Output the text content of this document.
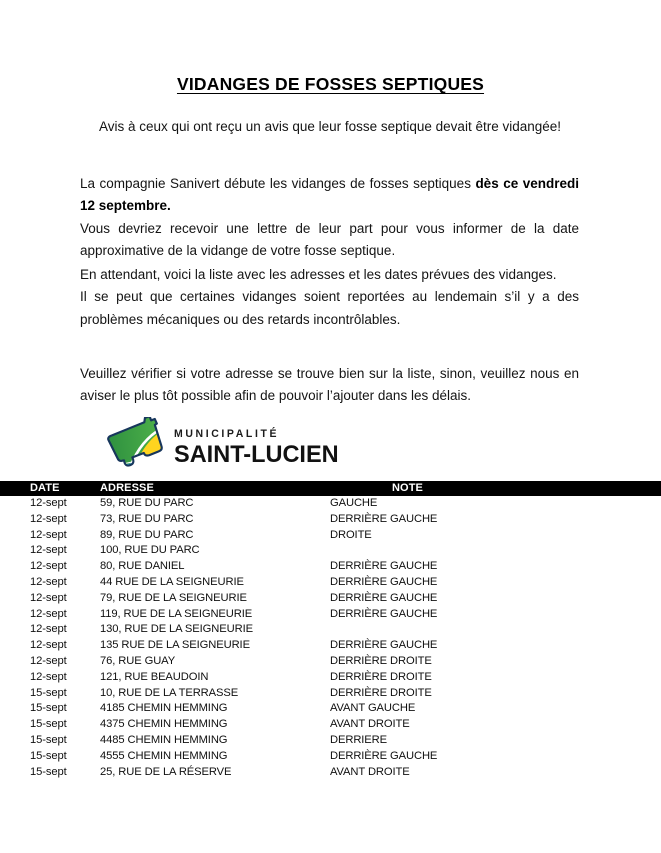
VIDANGES DE FOSSES SEPTIQUES
Avis à ceux qui ont reçu un avis que leur fosse septique devait être vidangée!
La compagnie Sanivert débute les vidanges de fosses septiques dès ce vendredi 12 septembre.
Vous devriez recevoir une lettre de leur part pour vous informer de la date approximative de la vidange de votre fosse septique.
En attendant, voici la liste avec les adresses et les dates prévues des vidanges.
Il se peut que certaines vidanges soient reportées au lendemain s’il y a des problèmes mécaniques ou des retards incontrôlables.
Veuillez vérifier si votre adresse se trouve bien sur la liste, sinon, veuillez nous en aviser le plus tôt possible afin de pouvoir l’ajouter dans les délais.
MUNICIPALITÉ
SAINT-LUCIEN
DATE	ADRESSE	NOTE
12-sept	59, RUE DU PARC	GAUCHE
12-sept	73, RUE DU PARC	DERRIÈRE GAUCHE
12-sept	89, RUE DU PARC	DROITE
12-sept	100, RUE DU PARC
12-sept	80, RUE DANIEL	DERRIÈRE GAUCHE
12-sept	44 RUE DE LA SEIGNEURIE	DERRIÈRE GAUCHE
12-sept	79, RUE DE LA SEIGNEURIE	DERRIÈRE GAUCHE
12-sept	119, RUE DE LA SEIGNEURIE	DERRIÈRE GAUCHE
12-sept	130, RUE DE LA SEIGNEURIE
12-sept	135 RUE DE LA SEIGNEURIE	DERRIÈRE GAUCHE
12-sept	76, RUE GUAY	DERRIÈRE DROITE
12-sept	121, RUE BEAUDOIN	DERRIÈRE DROITE
15-sept	10, RUE DE LA TERRASSE	DERRIÈRE DROITE
15-sept	4185 CHEMIN HEMMING	AVANT GAUCHE
15-sept	4375 CHEMIN HEMMING	AVANT DROITE
15-sept	4485 CHEMIN HEMMING	DERRIERE
15-sept	4555 CHEMIN HEMMING	DERRIÈRE GAUCHE
15-sept	25, RUE DE LA RÉSERVE	AVANT DROITE
